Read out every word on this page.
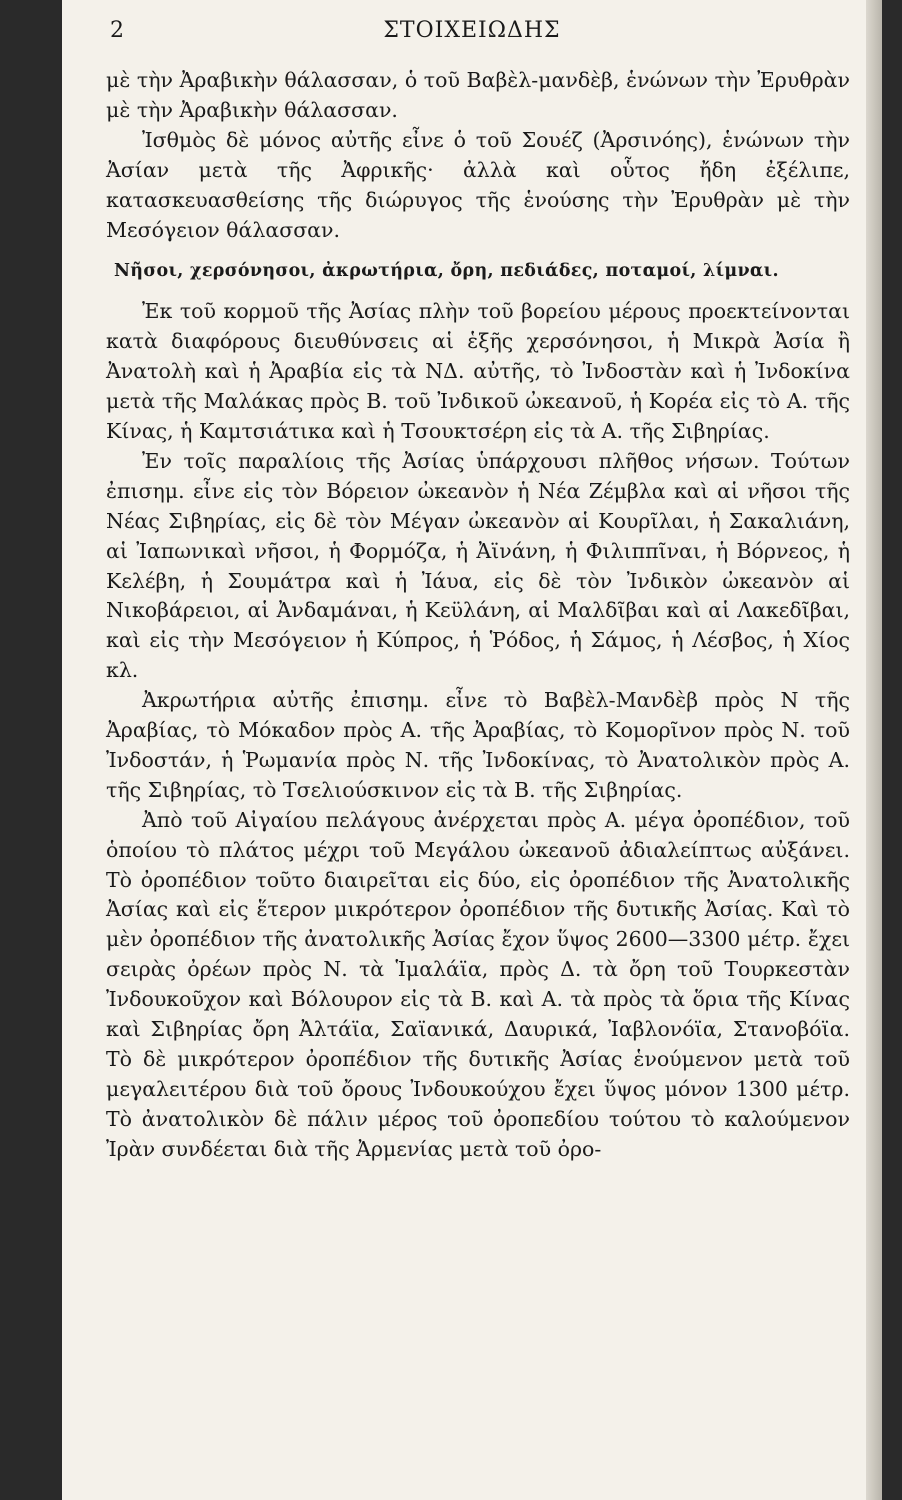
2	ΣΤΟΙΧΕΙΩΔΗΣ

μὲ τὴν Ἀραβικὴν θάλασσαν, ὁ τοῦ Βαβὲλ-μανδὲβ, ἑνώνων τὴν Ἐρυθρὰν μὲ τὴν Ἀραβικὴν θάλασσαν.

Ἰσθμὸς δὲ μόνος αὐτῆς εἶνε ὁ τοῦ Σουέζ (Ἀρσινόης), ἑνώνων τὴν Ἀσίαν μετὰ τῆς Ἀφρικῆς· ἀλλὰ καὶ οὗτος ἤδη ἐξέλιπε, κατασκευασθείσης τῆς διώρυγος τῆς ἑνούσης τὴν Ἐρυθρὰν μὲ τὴν Μεσόγειον θάλασσαν.

Νῆσοι, χερσόνησοι, ἀκρωτήρια, ὄρη, πεδιάδες, ποταμοί, λίμναι.

Ἐκ τοῦ κορμοῦ τῆς Ἀσίας πλὴν τοῦ βορείου μέρους προεκτείνονται κατὰ διαφόρους διευθύνσεις αἱ ἑξῆς χερσόνησοι, ἡ Μικρὰ Ἀσία ἢ Ἀνατολὴ καὶ ἡ Ἀραβία εἰς τὰ ΝΔ. αὐτῆς, τὸ Ἰνδοστὰν καὶ ἡ Ἰνδοκίνα μετὰ τῆς Μαλάκας πρὸς Β. τοῦ Ἰνδικοῦ ὠκεανοῦ, ἡ Κορέα εἰς τὸ Α. τῆς Κίνας, ἡ Καμτσιάτικα καὶ ἡ Τσουκτσέρη εἰς τὰ Α. τῆς Σιβηρίας.

Ἐν τοῖς παραλίοις τῆς Ἀσίας ὑπάρχουσι πλῆθος νήσων. Τούτων ἐπισημ. εἶνε εἰς τὸν Βόρειον ὠκεανὸν ἡ Νέα Ζέμβλα καὶ αἱ νῆσοι τῆς Νέας Σιβηρίας, εἰς δὲ τὸν Μέγαν ὠκεανὸν αἱ Κουρῖλαι, ἡ Σακαλιάνη, αἱ Ἰαπωνικαὶ νῆσοι, ἡ Φορμόζα, ἡ Ἀϊνάνη, ἡ Φιλιππῖναι, ἡ Βόρνεος, ἡ Κελέβη, ἡ Σουμάτρα καὶ ἡ Ἰάυα, εἰς δὲ τὸν Ἰνδικὸν ὠκεανὸν αἱ Νικοβάρειοι, αἱ Ἀνδαμάναι, ἡ Κεϋλάνη, αἱ Μαλδῖβαι καὶ αἱ Λακεδῖβαι, καὶ εἰς τὴν Μεσόγειον ἡ Κύπρος, ἡ Ῥόδος, ἡ Σάμος, ἡ Λέσβος, ἡ Χίος κλ.

Ἀκρωτήρια αὐτῆς ἐπισημ. εἶνε τὸ Βαβὲλ-Μανδὲβ πρὸς Ν τῆς Ἀραβίας, τὸ Μόκαδον πρὸς Α. τῆς Ἀραβίας, τὸ Κομορῖνον πρὸς Ν. τοῦ Ἰνδοστάν, ἡ Ῥωμανία πρὸς Ν. τῆς Ἰνδοκίνας, τὸ Ἀνατολικὸν πρὸς Α. τῆς Σιβηρίας, τὸ Τσελιούσκινον εἰς τὰ Β. τῆς Σιβηρίας.

Ἀπὸ τοῦ Αἰγαίου πελάγους ἀνέρχεται πρὸς Α. μέγα ὀροπέδιον, τοῦ ὁποίου τὸ πλάτος μέχρι τοῦ Μεγάλου ὠκεανοῦ ἀδιαλείπτως αὐξάνει. Τὸ ὀροπέδιον τοῦτο διαιρεῖται εἰς δύο, εἰς ὀροπέδιον τῆς Ἀνατολικῆς Ἀσίας καὶ εἰς ἕτερον μικρότερον ὀροπέδιον τῆς δυτικῆς Ἀσίας. Καὶ τὸ μὲν ὀροπέδιον τῆς ἀνατολικῆς Ἀσίας ἔχον ὕψος 2600—3300 μέτρ. ἔχει σειρὰς ὀρέων πρὸς Ν. τὰ Ἱμαλάϊα, πρὸς Δ. τὰ ὄρη τοῦ Τουρκεστὰν Ἰνδουκοῦχον καὶ Βόλουρον εἰς τὰ Β. καὶ Α. τὰ πρὸς τὰ ὅρια τῆς Κίνας καὶ Σιβηρίας ὄρη Ἀλτάϊα, Σαϊανικά, Δαυρικά, Ἰαβλονόϊα, Στανοβόϊα. Τὸ δὲ μικρότερον ὀροπέδιον τῆς δυτικῆς Ἀσίας ἑνούμενον μετὰ τοῦ μεγαλειτέρου διὰ τοῦ ὄρους Ἰνδουκούχου ἔχει ὕψος μόνον 1300 μέτρ. Τὸ ἀνατολικὸν δὲ πάλιν μέρος τοῦ ὀροπεδίου τούτου τὸ καλούμενον Ἰρὰν συνδέεται διὰ τῆς Ἀρμενίας μετὰ τοῦ ὀρο-
